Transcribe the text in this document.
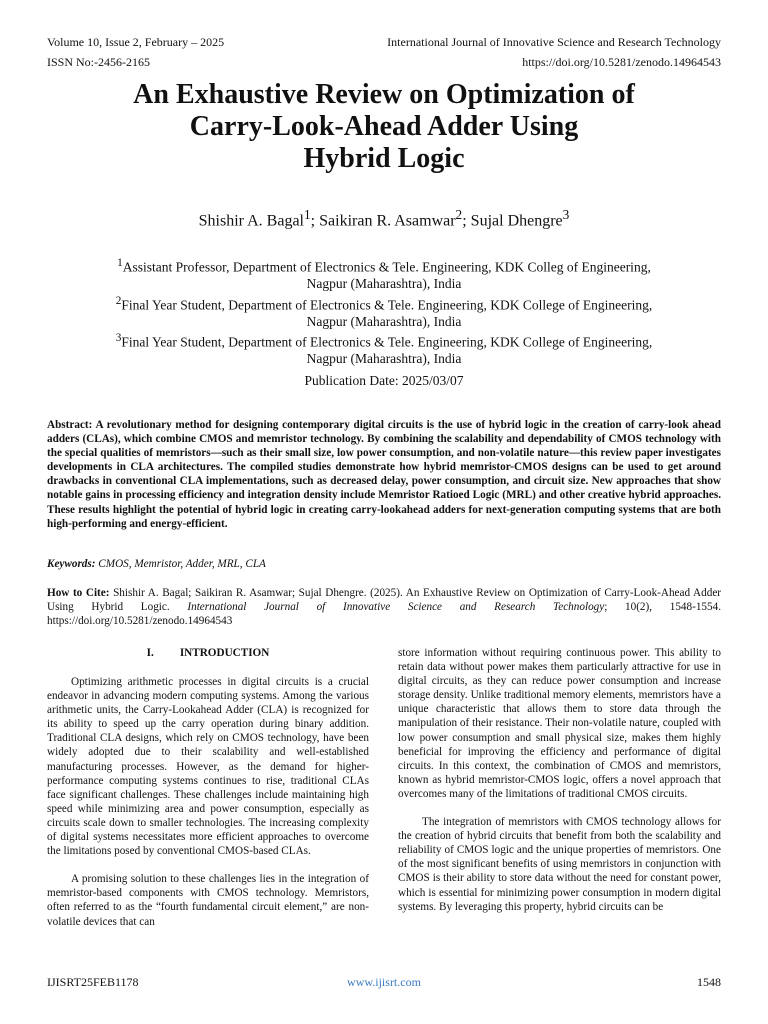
Volume 10, Issue 2, February – 2025	International Journal of Innovative Science and Research Technology
ISSN No:-2456-2165	https://doi.org/10.5281/zenodo.14964543
An Exhaustive Review on Optimization of
Carry-Look-Ahead Adder Using
Hybrid Logic
Shishir A. Bagal$^1$; Saikiran R. Asamwar$^2$; Sujal Dhengre$^3$
$^1$Assistant Professor, Department of Electronics & Tele. Engineering, KDK Colleg of Engineering,
Nagpur (Maharashtra), India
$^2$Final Year Student, Department of Electronics & Tele. Engineering, KDK College of Engineering,
Nagpur (Maharashtra), India
$^3$Final Year Student, Department of Electronics & Tele. Engineering, KDK College of Engineering,
Nagpur (Maharashtra), India
Publication Date: 2025/03/07

Abstract: A revolutionary method for designing contemporary digital circuits is the use of hybrid logic in the creation of carry-look ahead adders (CLAs), which combine CMOS and memristor technology. By combining the scalability and dependability of CMOS technology with the special qualities of memristors—such as their small size, low power consumption, and non-volatile nature—this review paper investigates developments in CLA architectures. The compiled studies demonstrate how hybrid memristor-CMOS designs can be used to get around drawbacks in conventional CLA implementations, such as decreased delay, power consumption, and circuit size. New approaches that show notable gains in processing efficiency and integration density include Memristor Ratioed Logic (MRL) and other creative hybrid approaches. These results highlight the potential of hybrid logic in creating carry-lookahead adders for next-generation computing systems that are both high-performing and energy-efficient.

Keywords: CMOS, Memristor, Adder, MRL, CLA

How to Cite: Shishir A. Bagal; Saikiran R. Asamwar; Sujal Dhengre. (2025). An Exhaustive Review on Optimization of Carry-Look-Ahead Adder Using Hybrid Logic. International Journal of Innovative Science and Research Technology; 10(2), 1548-1554. https://doi.org/10.5281/zenodo.14964543

I. INTRODUCTION

Optimizing arithmetic processes in digital circuits is a crucial endeavor in advancing modern computing systems. Among the various arithmetic units, the Carry-Lookahead Adder (CLA) is recognized for its ability to speed up the carry operation during binary addition. Traditional CLA designs, which rely on CMOS technology, have been widely adopted due to their scalability and well-established manufacturing processes. However, as the demand for higher-performance computing systems continues to rise, traditional CLAs face significant challenges. These challenges include maintaining high speed while minimizing area and power consumption, especially as circuits scale down to smaller technologies. The increasing complexity of digital systems necessitates more efficient approaches to overcome the limitations posed by conventional CMOS-based CLAs.

A promising solution to these challenges lies in the integration of memristor-based components with CMOS technology. Memristors, often referred to as the “fourth fundamental circuit element,” are non-volatile devices that can

store information without requiring continuous power. This ability to retain data without power makes them particularly attractive for use in digital circuits, as they can reduce power consumption and increase storage density. Unlike traditional memory elements, memristors have a unique characteristic that allows them to store data through the manipulation of their resistance. Their non-volatile nature, coupled with low power consumption and small physical size, makes them highly beneficial for improving the efficiency and performance of digital circuits. In this context, the combination of CMOS and memristors, known as hybrid memristor-CMOS logic, offers a novel approach that overcomes many of the limitations of traditional CMOS circuits.

The integration of memristors with CMOS technology allows for the creation of hybrid circuits that benefit from both the scalability and reliability of CMOS logic and the unique properties of memristors. One of the most significant benefits of using memristors in conjunction with CMOS is their ability to store data without the need for constant power, which is essential for minimizing power consumption in modern digital systems. By leveraging this property, hybrid circuits can be

IJISRT25FEB1178	www.ijisrt.com	1548
